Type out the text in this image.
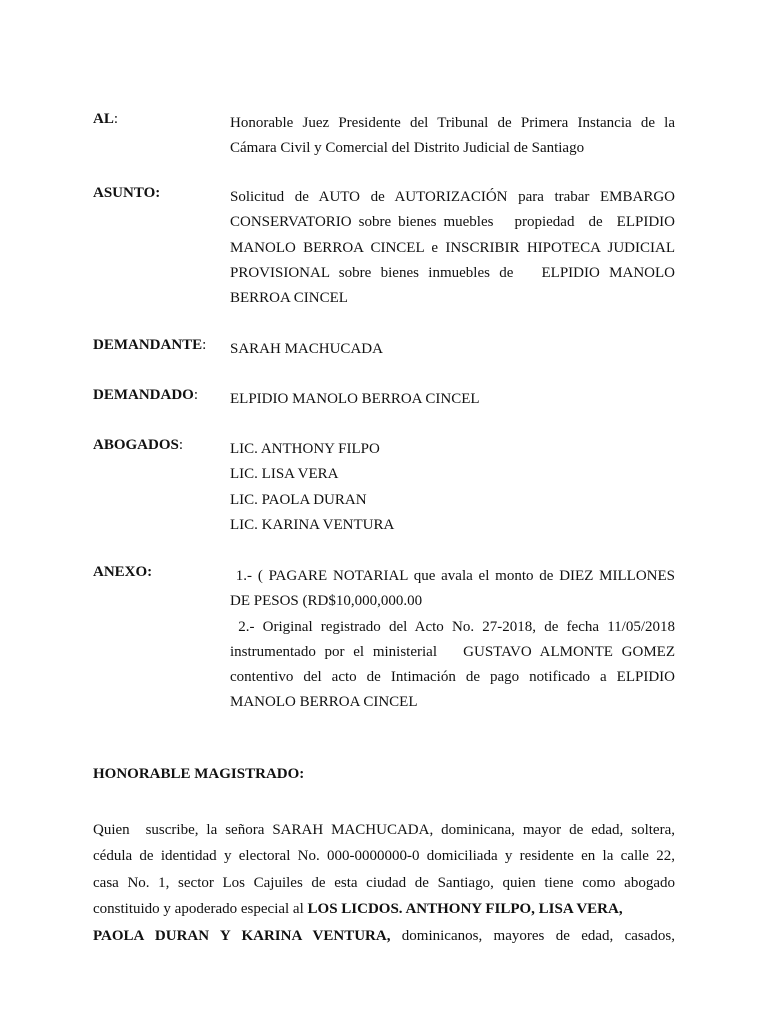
AL:	Honorable Juez Presidente del Tribunal de Primera Instancia de la
Cámara Civil y Comercial del Distrito Judicial de Santiago
ASUNTO:	Solicitud de AUTO de AUTORIZACIÓN para trabar EMBARGO
CONSERVATORIO sobre bienes muebles   propiedad  de  ELPIDIO
MANOLO BERROA CINCEL e INSCRIBIR HIPOTECA JUDICIAL
PROVISIONAL sobre bienes inmuebles de   ELPIDIO MANOLO
BERROA CINCEL
DEMANDANTE:	SARAH MACHUCADA
DEMANDADO:	ELPIDIO MANOLO BERROA CINCEL
ABOGADOS:	LIC. ANTHONY FILPO
LIC. LISA VERA
LIC. PAOLA DURAN
LIC. KARINA VENTURA
ANEXO:	1.- ( PAGARE NOTARIAL que avala el monto de DIEZ MILLONES
DE PESOS (RD$10,000,000.00
2.- Original registrado del Acto No. 27-2018, de fecha 11/05/2018
instrumentado por el ministerial   GUSTAVO ALMONTE GOMEZ
contentivo del acto de Intimación de pago notificado a ELPIDIO
MANOLO BERROA CINCEL
HONORABLE MAGISTRADO:
Quien  suscribe, la señora SARAH MACHUCADA, dominicana, mayor de edad, soltera,
cédula de identidad y electoral No. 000-0000000-0 domiciliada y residente en la calle 22,
casa No. 1, sector Los Cajuiles de esta ciudad de Santiago, quien tiene como abogado
constituido y apoderado especial al LOS LICDOS. ANTHONY FILPO, LISA VERA,
PAOLA DURAN Y KARINA VENTURA, dominicanos, mayores de edad, casados,
